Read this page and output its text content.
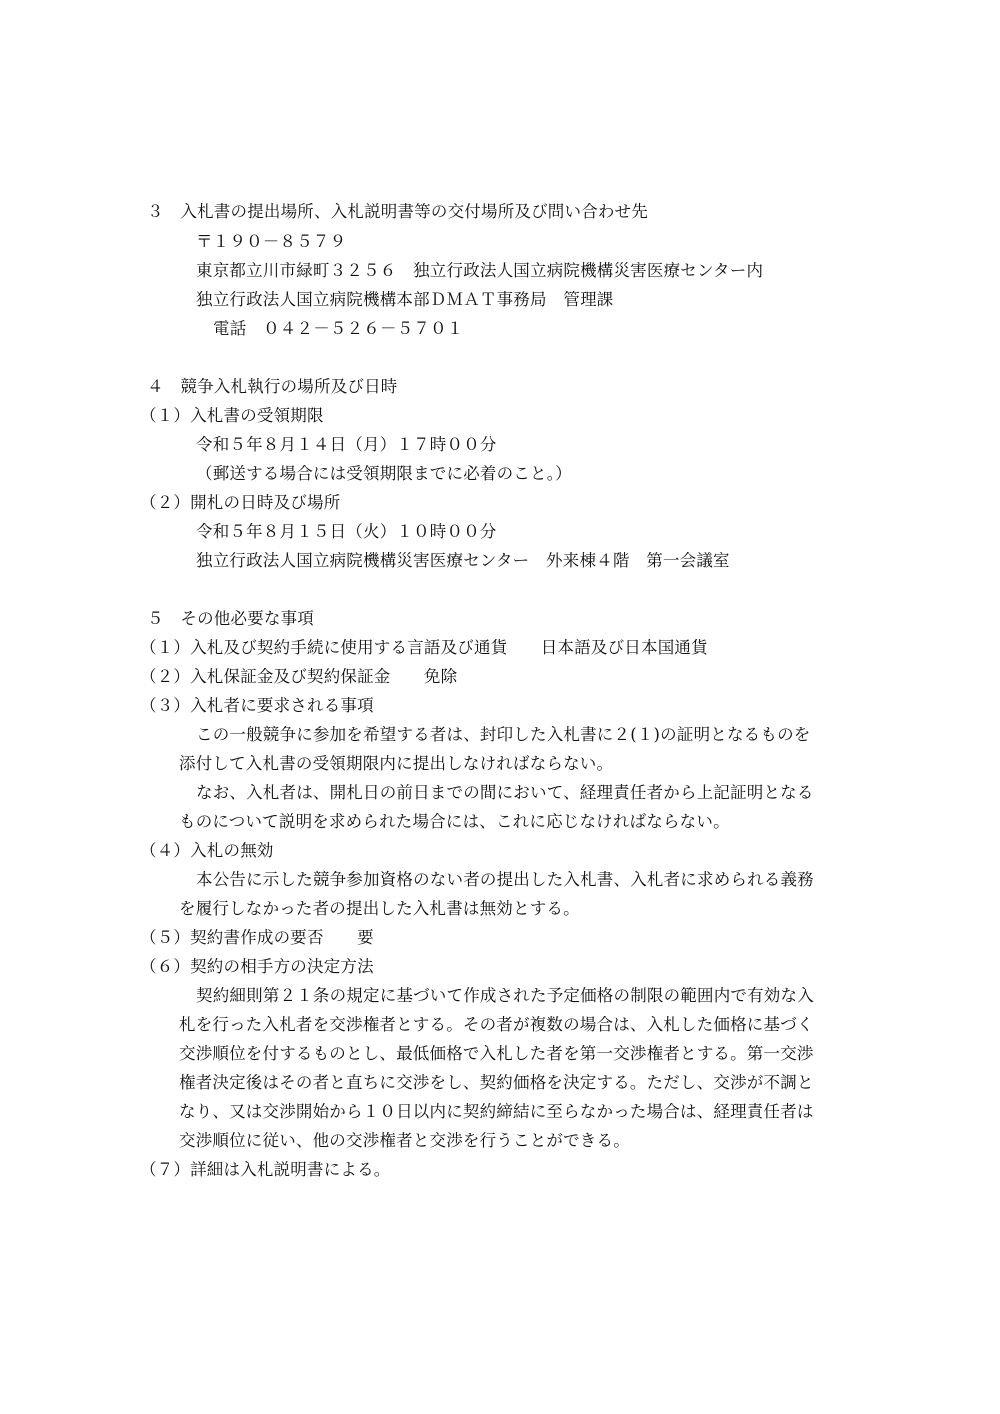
３　入札書の提出場所、入札説明書等の交付場所及び問い合わせ先
〒１９０－８５７９
東京都立川市緑町３２５６　独立行政法人国立病院機構災害医療センター内
独立行政法人国立病院機構本部ＤＭＡＴ事務局　管理課
電話　０４２－５２６－５７０１
４　競争入札執行の場所及び日時
（１）入札書の受領期限
令和５年８月１４日（月）１７時００分
（郵送する場合には受領期限までに必着のこと。）
（２）開札の日時及び場所
令和５年８月１５日（火）１０時００分
独立行政法人国立病院機構災害医療センター　外来棟４階　第一会議室
５　その他必要な事項
（１）入札及び契約手続に使用する言語及び通貨　　日本語及び日本国通貨
（２）入札保証金及び契約保証金　　免除
（３）入札者に要求される事項
この一般競争に参加を希望する者は、封印した入札書に２(１)の証明となるものを
添付して入札書の受領期限内に提出しなければならない。
なお、入札者は、開札日の前日までの間において、経理責任者から上記証明となる
ものについて説明を求められた場合には、これに応じなければならない。
（４）入札の無効
本公告に示した競争参加資格のない者の提出した入札書、入札者に求められる義務
を履行しなかった者の提出した入札書は無効とする。
（５）契約書作成の要否　　要
（６）契約の相手方の決定方法
契約細則第２１条の規定に基づいて作成された予定価格の制限の範囲内で有効な入
札を行った入札者を交渉権者とする。その者が複数の場合は、入札した価格に基づく
交渉順位を付するものとし、最低価格で入札した者を第一交渉権者とする。第一交渉
権者決定後はその者と直ちに交渉をし、契約価格を決定する。ただし、交渉が不調と
なり、又は交渉開始から１０日以内に契約締結に至らなかった場合は、経理責任者は
交渉順位に従い、他の交渉権者と交渉を行うことができる。
（７）詳細は入札説明書による。
